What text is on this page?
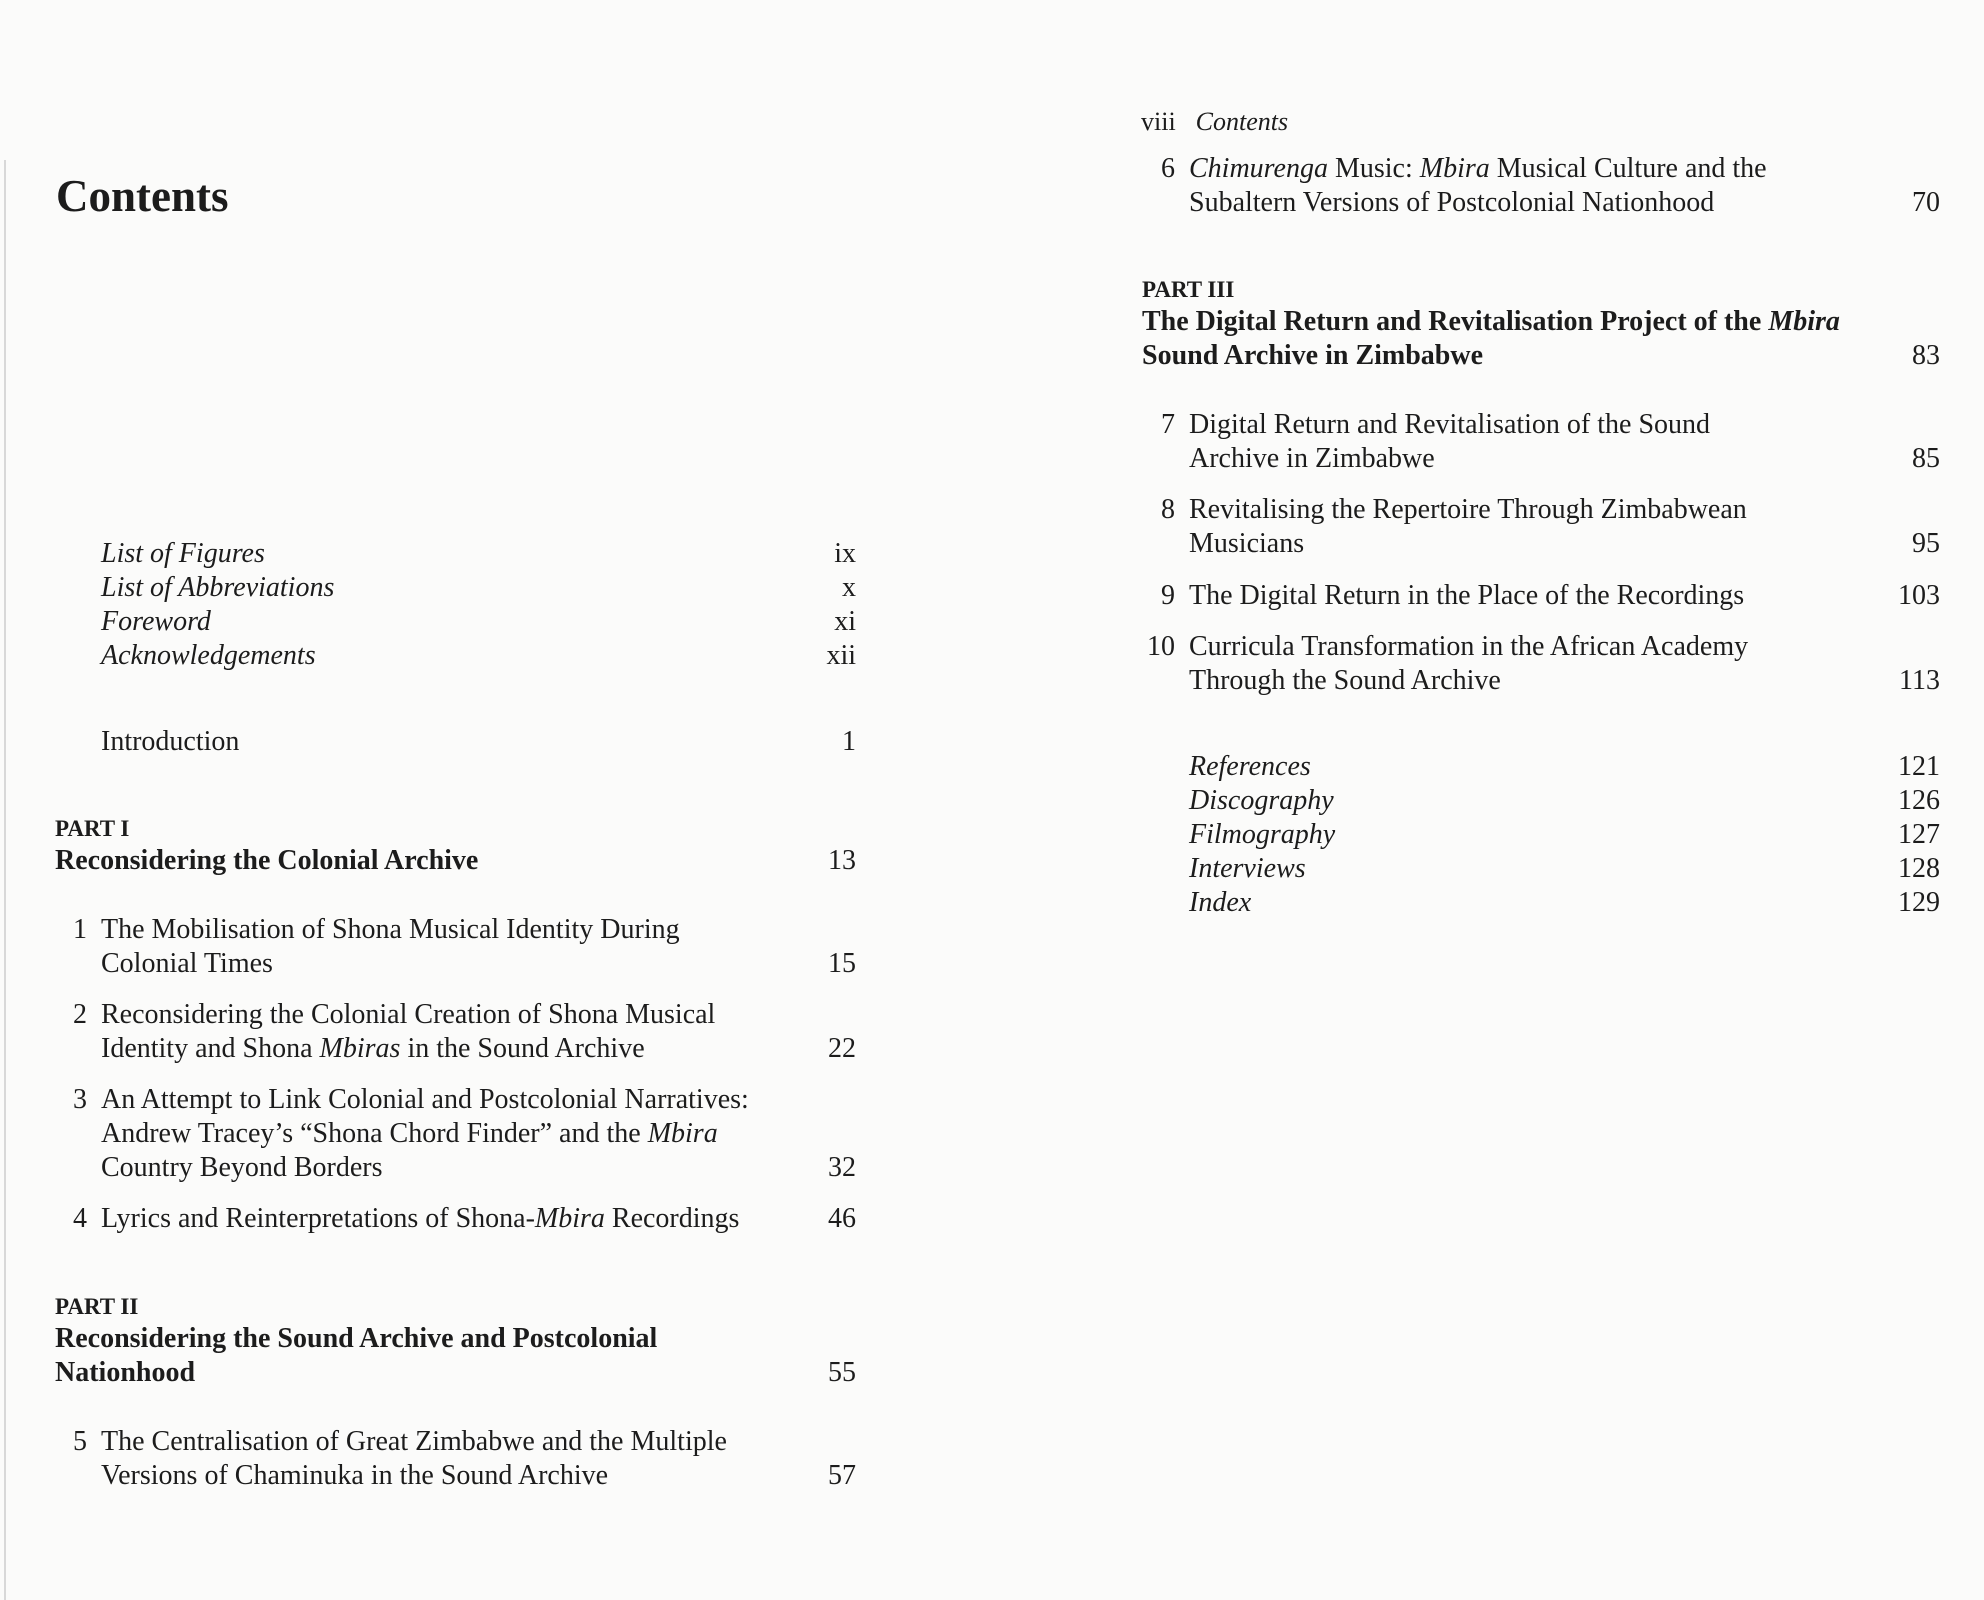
Contents
List of Figures	ix
List of Abbreviations	x
Foreword	xi
Acknowledgements	xii
Introduction	1
PART I
Reconsidering the Colonial Archive	13
1 The Mobilisation of Shona Musical Identity During Colonial Times	15
2 Reconsidering the Colonial Creation of Shona Musical Identity and Shona Mbiras in the Sound Archive	22
3 An Attempt to Link Colonial and Postcolonial Narratives: Andrew Tracey’s “Shona Chord Finder” and the Mbira Country Beyond Borders	32
4 Lyrics and Reinterpretations of Shona-Mbira Recordings	46
PART II
Reconsidering the Sound Archive and Postcolonial Nationhood	55
5 The Centralisation of Great Zimbabwe and the Multiple Versions of Chaminuka in the Sound Archive	57
viii Contents
6 Chimurenga Music: Mbira Musical Culture and the Subaltern Versions of Postcolonial Nationhood	70
PART III
The Digital Return and Revitalisation Project of the Mbira Sound Archive in Zimbabwe	83
7 Digital Return and Revitalisation of the Sound Archive in Zimbabwe	85
8 Revitalising the Repertoire Through Zimbabwean Musicians	95
9 The Digital Return in the Place of the Recordings	103
10 Curricula Transformation in the African Academy Through the Sound Archive	113
References	121
Discography	126
Filmography	127
Interviews	128
Index	129
